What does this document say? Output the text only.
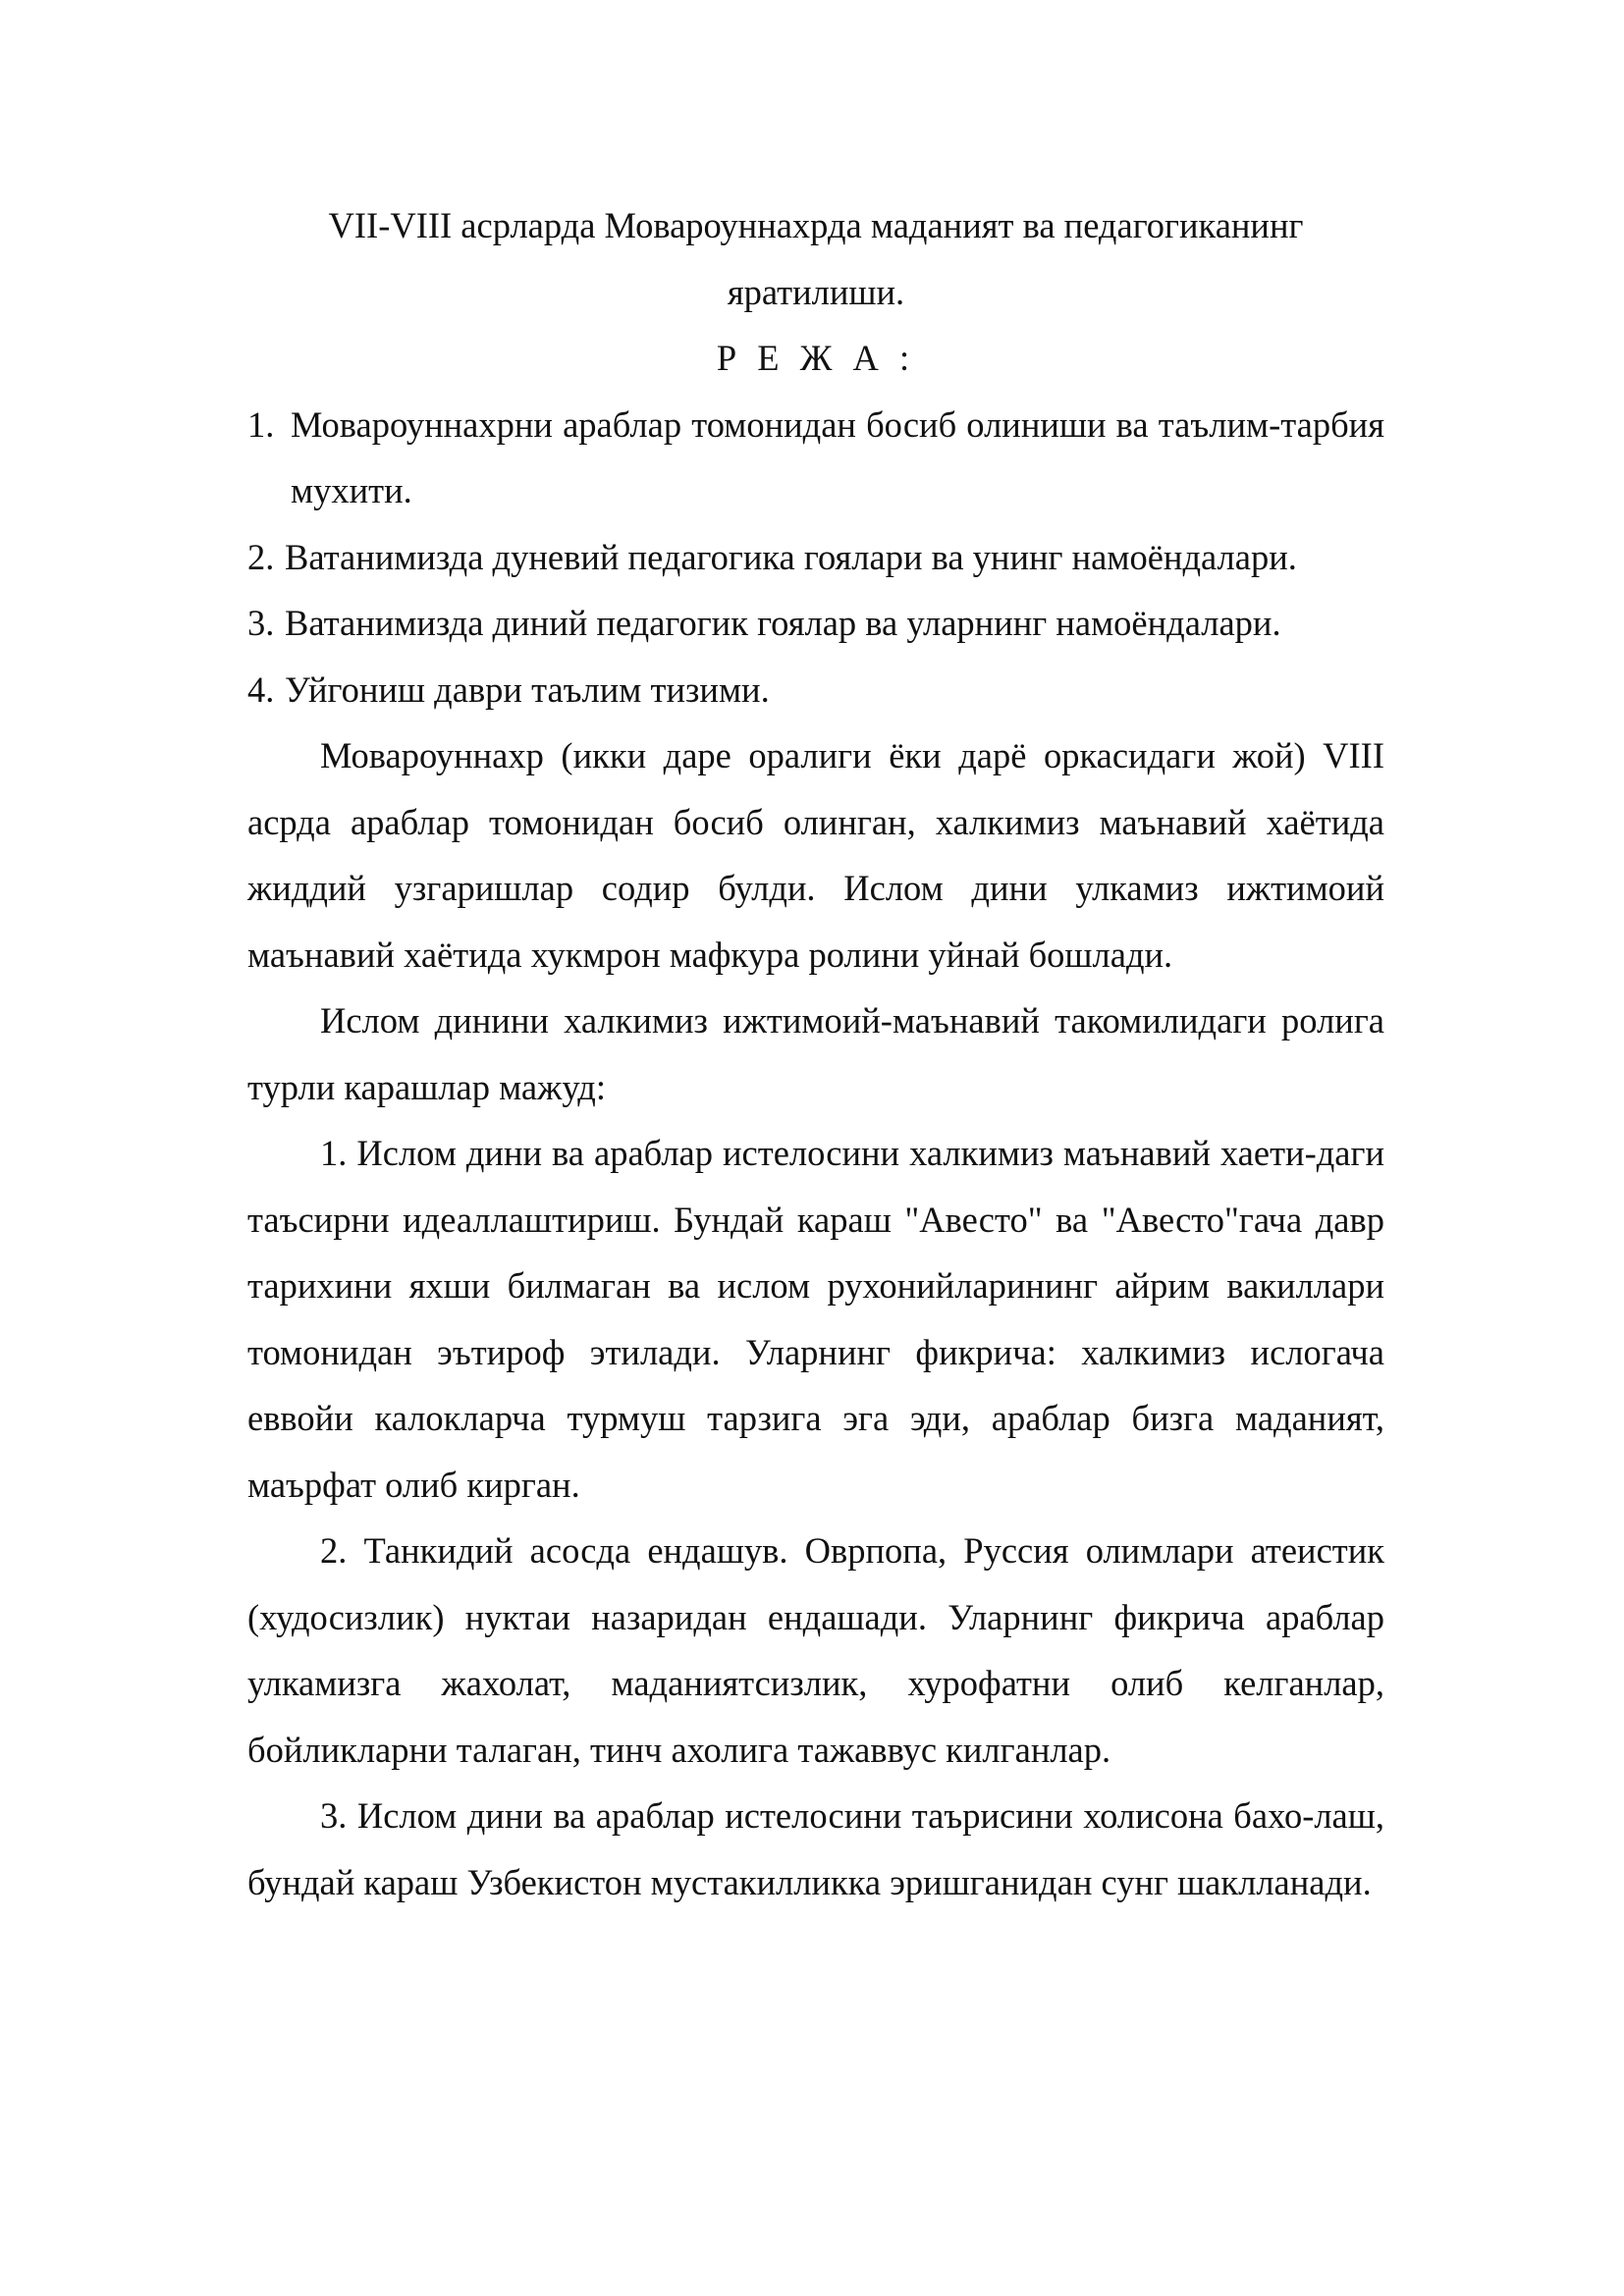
VII-VIII асрларда Мовароуннахрда маданият ва педагогиканинг

яратилиши.

Р Е Ж А :

1. Мовароуннахрни араблар томонидан босиб олиниши ва таълим-тарбия мухити.
2. Ватанимизда дуневий педагогика гоялари ва унинг намоёндалари.
3. Ватанимизда диний педагогик гоялар ва уларнинг намоёндалари.
4. Уйгониш даври таълим тизими.

Мовароуннахр (икки даре оралиги ёки дарё оркасидаги жой) VIII асрда араблар томонидан босиб олинган, халкимиз маънавий хаётида жиддий узгаришлар содир булди. Ислом дини улкамиз ижтимоий маънавий хаётида хукмрон мафкура ролини уйнай бошлади.

Ислом динини халкимиз ижтимоий-маънавий такомилидаги ролига турли карашлар мажуд:

1. Ислом дини ва араблар истелосини халкимиз маънавий хаети-даги таъсирни идеаллаштириш. Бундай караш "Авесто" ва "Авесто"гача давр тарихини яхши билмаган ва ислом рухонийларининг айрим вакиллари томонидан эътироф этилади. Уларнинг фикрича: халкимиз ислогача еввойи калокларча турмуш тарзига эга эди, араблар бизга маданият, маърфат олиб кирган.

2. Танкидий асосда ендашув. Оврпопа, Руссия олимлари атеистик (худосизлик) нуктаи назаридан ендашади. Уларнинг фикрича араблар улкамизга жахолат, маданиятсизлик, хурофатни олиб келганлар, бойликларни талаган, тинч ахолига тажаввус килганлар.

3. Ислом дини ва араблар истелосини таърисини холисона бахо-лаш, бундай караш Узбекистон мустакилликка эришганидан сунг шаклланади.
